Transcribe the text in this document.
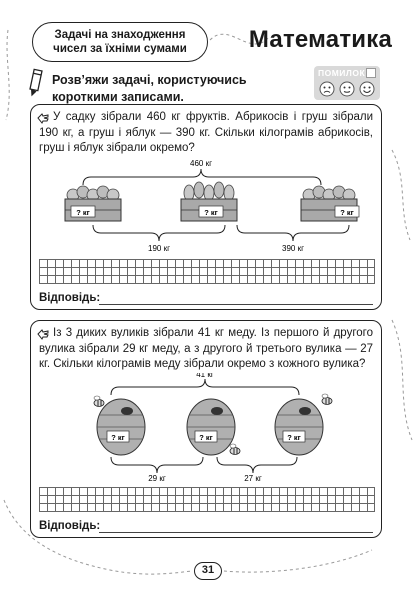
Задачі на знаходження
чисел за їхніми сумами	Математика
Розв’яжи задачі, користуючись
короткими записами.
ПОМИЛОК
У садку зібрали 460 кг фруктів. Абрикосів і груш зібрали 190 кг, а груш і яблук — 390 кг. Скільки кілограмів абрикосів, груш і яблук зібрали окремо?
460 кг
? кг	? кг	? кг
190 кг	390 кг
Відповідь:
Із 3 диких вуликів зібрали 41 кг меду. Із першого й другого вулика зібрали 29 кг меду, а з другого й третього вулика — 27 кг. Скільки кілограмів меду зібрали окремо з кожного вулика?
41 кг
? кг	? кг	? кг
29 кг	27 кг
Відповідь:
31
